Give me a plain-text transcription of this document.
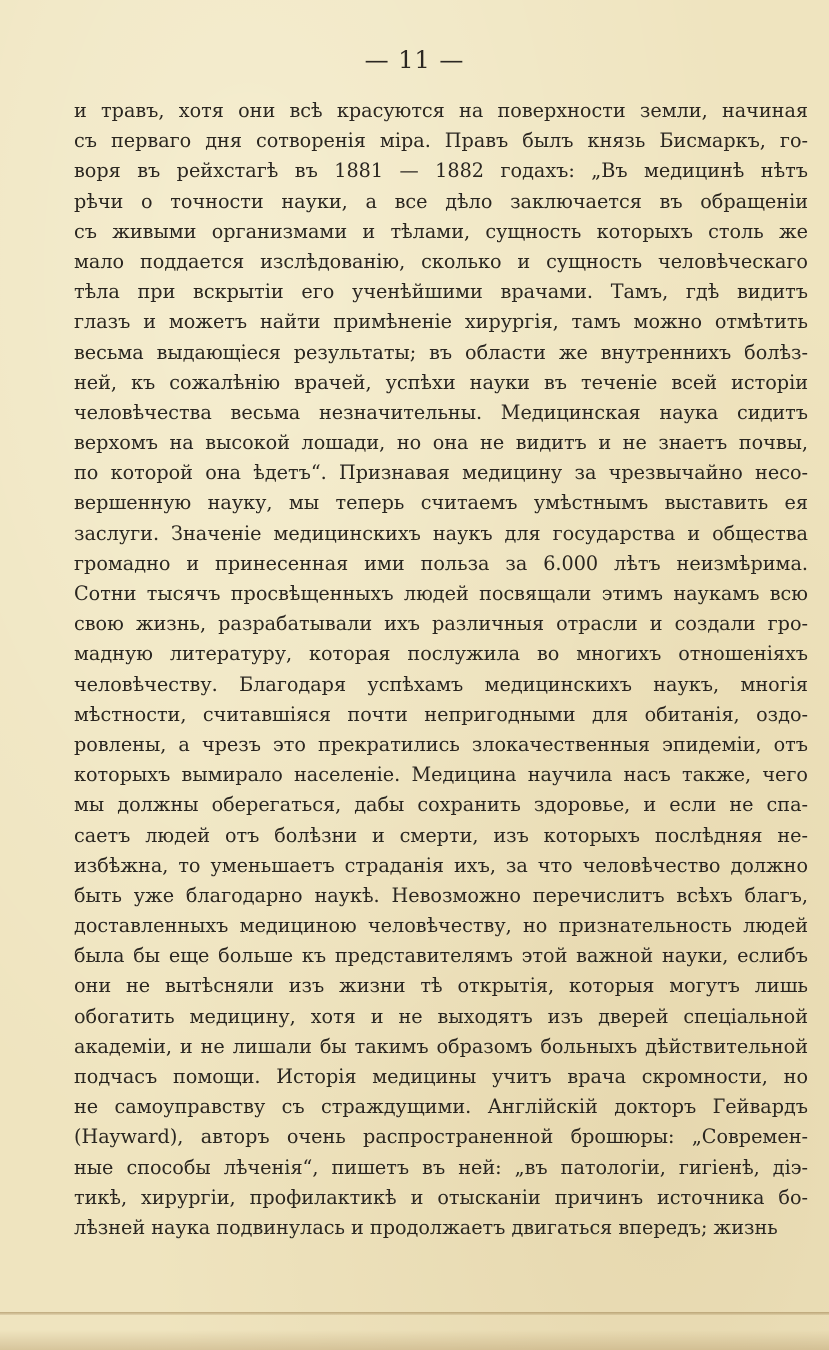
— 11 —
и травъ, хотя они всѣ красуются на поверхности земли, начиная
съ перваго дня сотворенія міра. Правъ былъ князь Бисмаркъ, го-
воря въ рейхстагѣ въ 1881 — 1882 годахъ: „Въ медицинѣ нѣтъ
рѣчи о точности науки, а все дѣло заключается въ обращеніи
съ живыми организмами и тѣлами, сущность которыхъ столь же
мало поддается изслѣдованію, сколько и сущность человѣческаго
тѣла при вскрытіи его ученѣйшими врачами. Тамъ, гдѣ видитъ
глазъ и можетъ найти примѣненіе хирургія, тамъ можно отмѣтить
весьма выдающіеся результаты; въ области же внутреннихъ болѣз-
ней, къ сожалѣнію врачей, успѣхи науки въ теченіе всей исторіи
человѣчества весьма незначительны. Медицинская наука сидитъ
верхомъ на высокой лошади, но она не видитъ и не знаетъ почвы,
по которой она ѣдетъ“. Признавая медицину за чрезвычайно несо-
вершенную науку, мы теперь считаемъ умѣстнымъ выставить ея
заслуги. Значеніе медицинскихъ наукъ для государства и общества
громадно и принесенная ими польза за 6.000 лѣтъ неизмѣрима.
Сотни тысячъ просвѣщенныхъ людей посвящали этимъ наукамъ всю
свою жизнь, разрабатывали ихъ различныя отрасли и создали гро-
мадную литературу, которая послужила во многихъ отношеніяхъ
человѣчеству. Благодаря успѣхамъ медицинскихъ наукъ, многія
мѣстности, считавшіяся почти непригодными для обитанія, оздо-
ровлены, а чрезъ это прекратились злокачественныя эпидеміи, отъ
которыхъ вымирало населеніе. Медицина научила насъ также, чего
мы должны оберегаться, дабы сохранить здоровье, и если не спа-
саетъ людей отъ болѣзни и смерти, изъ которыхъ послѣдняя не-
избѣжна, то уменьшаетъ страданія ихъ, за что человѣчество должно
быть уже благодарно наукѣ. Невозможно перечислитъ всѣхъ благъ,
доставленныхъ медициною человѣчеству, но признательность людей
была бы еще больше къ представителямъ этой важной науки, еслибъ
они не вытѣсняли изъ жизни тѣ открытія, которыя могутъ лишь
обогатить медицину, хотя и не выходятъ изъ дверей спеціальной
академіи, и не лишали бы такимъ образомъ больныхъ дѣйствительной
подчасъ помощи. Исторія медицины учитъ врача скромности, но
не самоуправству съ страждущими. Англійскій докторъ Гейвардъ
(Hayward), авторъ очень распространенной брошюры: „Современ-
ные способы лѣченія“, пишетъ въ ней: „въ патологіи, гигіенѣ, діэ-
тикѣ, хирургіи, профилактикѣ и отысканіи причинъ источника бо-
лѣзней наука подвинулась и продолжаетъ двигаться впередъ; жизнь
